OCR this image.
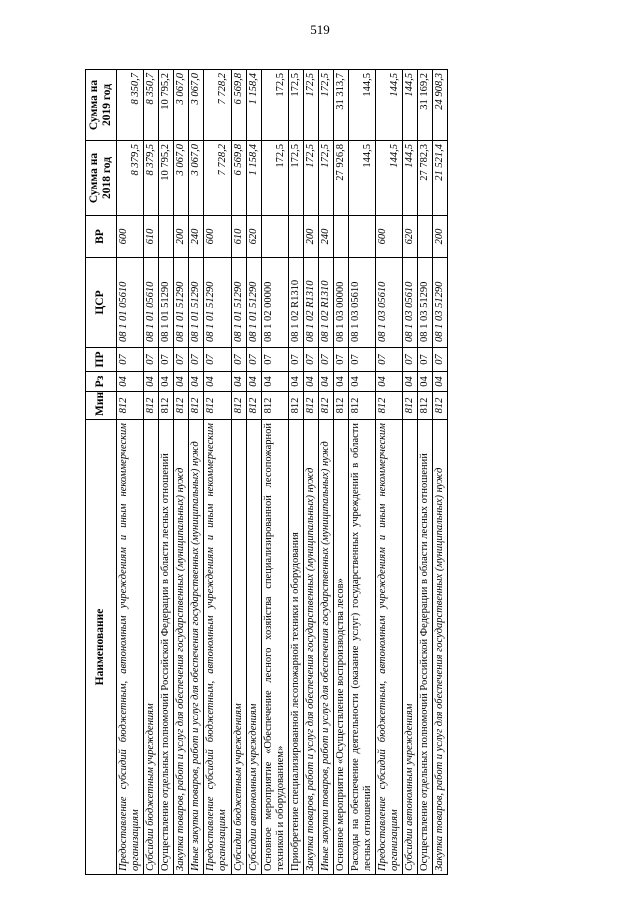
519
Наименование	Мин	Рз	ПР	ЦСР	ВР	Сумма на 2018 год	Сумма на 2019 год
Предоставление субсидий бюджетным, автономным учреждениям и иным некоммерческим организациям	812	04	07	08 1 01 05610	600	8 379,5	8 350,7
Субсидии бюджетным учреждениям	812	04	07	08 1 01 05610	610	8 379,5	8 350,7
Осуществление отдельных полномочий Российской Федерации в области лесных отношений	812	04	07	08 1 01 51290		10 795,2	10 795,2
Закупка товаров, работ и услуг для обеспечения государственных (муниципальных) нужд	812	04	07	08 1 01 51290	200	3 067,0	3 067,0
Иные закупки товаров, работ и услуг для обеспечения государственных (муниципальных) нужд	812	04	07	08 1 01 51290	240	3 067,0	3 067,0
Предоставление субсидий бюджетным, автономным учреждениям и иным некоммерческим организациям	812	04	07	08 1 01 51290	600	7 728,2	7 728,2
Субсидии бюджетным учреждениям	812	04	07	08 1 01 51290	610	6 569,8	6 569,8
Субсидии автономным учреждениям	812	04	07	08 1 01 51290	620	1 158,4	1 158,4
Основное мероприятие «Обеспечение лесного хозяйства специализированной лесопожарной техникой и оборудованием»	812	04	07	08 1 02 00000		172,5	172,5
Приобретение специализированной лесопожарной техники и оборудования	812	04	07	08 1 02 R1310		172,5	172,5
Закупка товаров, работ и услуг для обеспечения государственных (муниципальных) нужд	812	04	07	08 1 02 R1310	200	172,5	172,5
Иные закупки товаров, работ и услуг для обеспечения государственных (муниципальных) нужд	812	04	07	08 1 02 R1310	240	172,5	172,5
Основное мероприятие «Осуществление воспроизводства лесов»	812	04	07	08 1 03 00000		27 926,8	31 313,7
Расходы на обеспечение деятельности (оказание услуг) государственных учреждений в области лесных отношений	812	04	07	08 1 03 05610		144,5	144,5
Предоставление субсидий бюджетным, автономным учреждениям и иным некоммерческим организациям	812	04	07	08 1 03 05610	600	144,5	144,5
Субсидии автономным учреждениям	812	04	07	08 1 03 05610	620	144,5	144,5
Осуществление отдельных полномочий Российской Федерации в области лесных отношений	812	04	07	08 1 03 51290		27 782,3	31 169,2
Закупка товаров, работ и услуг для обеспечения государственных (муниципальных) нужд	812	04	07	08 1 03 51290	200	21 521,4	24 908,3
